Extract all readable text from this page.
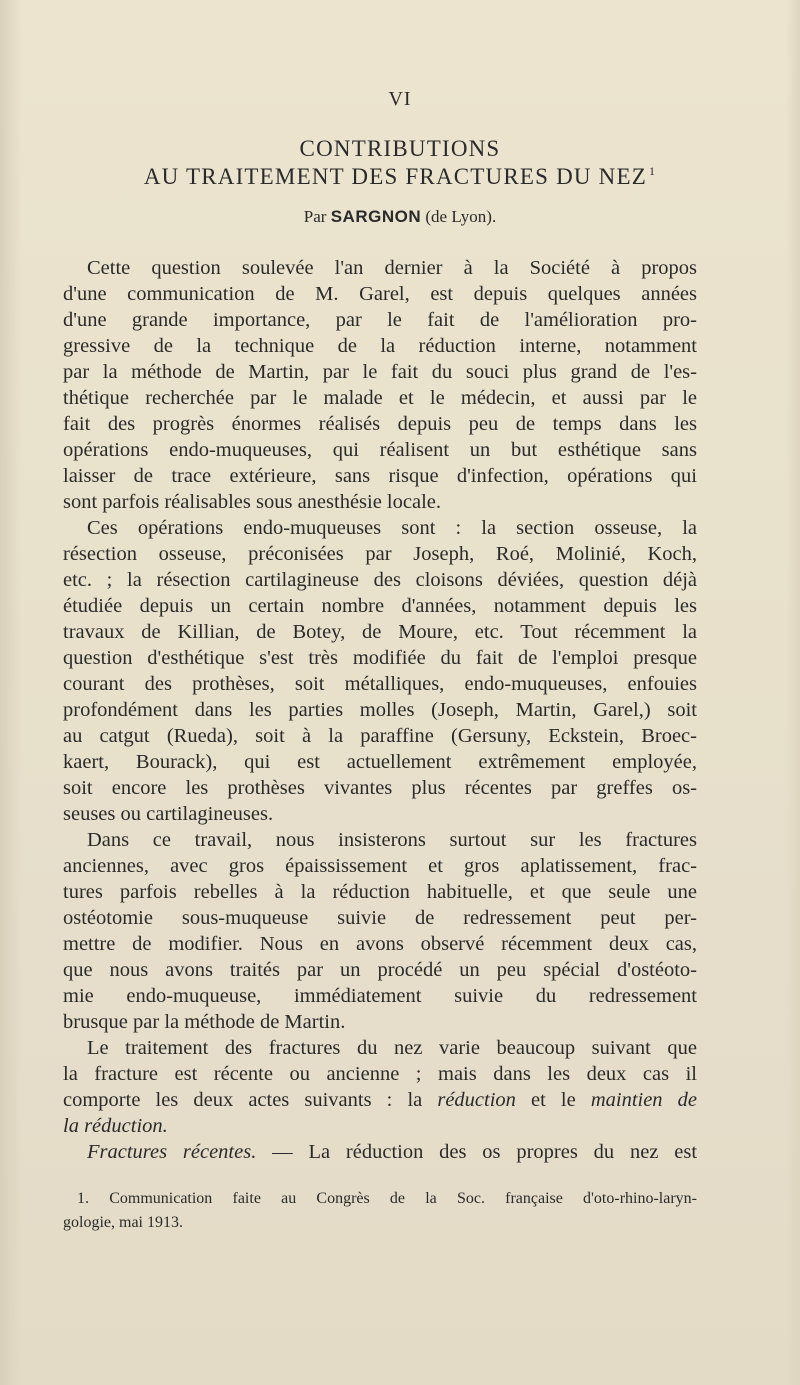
VI
CONTRIBUTIONS
AU TRAITEMENT DES FRACTURES DU NEZ $^1$
Par SARGNON (de Lyon).
Cette question soulevée l'an dernier à la Société à propos
d'une communication de M. Garel, est depuis quelques années
d'une grande importance, par le fait de l'amélioration pro-
gressive de la technique de la réduction interne, notamment
par la méthode de Martin, par le fait du souci plus grand de l'es-
thétique recherchée par le malade et le médecin, et aussi par le
fait des progrès énormes réalisés depuis peu de temps dans les
opérations endo-muqueuses, qui réalisent un but esthétique sans
laisser de trace extérieure, sans risque d'infection, opérations qui
sont parfois réalisables sous anesthésie locale.
Ces opérations endo-muqueuses sont : la section osseuse, la
résection osseuse, préconisées par Joseph, Roé, Molinié, Koch,
etc. ; la résection cartilagineuse des cloisons déviées, question déjà
étudiée depuis un certain nombre d'années, notamment depuis les
travaux de Killian, de Botey, de Moure, etc. Tout récemment la
question d'esthétique s'est très modifiée du fait de l'emploi presque
courant des prothèses, soit métalliques, endo-muqueuses, enfouies
profondément dans les parties molles (Joseph, Martin, Garel,) soit
au catgut (Rueda), soit à la paraffine (Gersuny, Eckstein, Broec-
kaert, Bourack), qui est actuellement extrêmement employée,
soit encore les prothèses vivantes plus récentes par greffes os-
seuses ou cartilagineuses.
Dans ce travail, nous insisterons surtout sur les fractures
anciennes, avec gros épaississement et gros aplatissement, frac-
tures parfois rebelles à la réduction habituelle, et que seule une
ostéotomie sous-muqueuse suivie de redressement peut per-
mettre de modifier. Nous en avons observé récemment deux cas,
que nous avons traités par un procédé un peu spécial d'ostéoto-
mie endo-muqueuse, immédiatement suivie du redressement
brusque par la méthode de Martin.
Le traitement des fractures du nez varie beaucoup suivant que
la fracture est récente ou ancienne ; mais dans les deux cas il
comporte les deux actes suivants : la réduction et le maintien de
la réduction.
Fractures récentes. — La réduction des os propres du nez est
1. Communication faite au Congrès de la Soc. française d'oto-rhino-laryn-
gologie, mai 1913.
